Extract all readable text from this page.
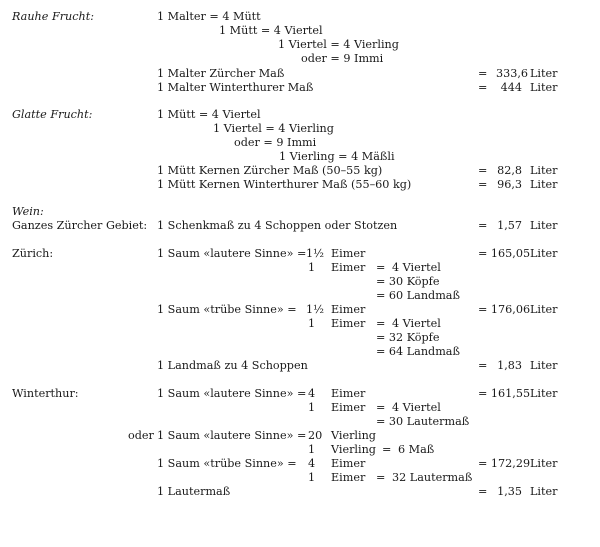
Rauhe Frucht:	1 Malter = 4 Mütt
1 Mütt = 4 Viertel
1 Viertel = 4 Vierling
oder = 9 Immi
1 Malter Zürcher Maß	= 333,6 Liter
1 Malter Winterthurer Maß	=	444 Liter
Glatte Frucht:	1 Mütt = 4 Viertel
1 Viertel = 4 Vierling
oder = 9 Immi
1 Vierling = 4 Mäßli
1 Mütt Kernen Zürcher Maß (50–55 kg)	= 82,8 Liter
1 Mütt Kernen Winterthurer Maß (55–60 kg)	= 96,3 Liter
Wein:
Ganzes Zürcher Gebiet: 1 Schenkmaß zu 4 Schoppen oder Stotzen	= 1,57 Liter
Zürich:	1 Saum «lautere Sinne» = 1½ Eimer	= 165,05 Liter
1 Eimer = 4 Viertel
= 30 Köpfe
= 60 Landmaß
1 Saum «trübe Sinne» = 1½ Eimer	= 176,06 Liter
1 Eimer = 4 Viertel
= 32 Köpfe
= 64 Landmaß
1 Landmaß zu 4 Schoppen	= 1,83 Liter
Winterthur:	1 Saum «lautere Sinne» = 4 Eimer	= 161,55 Liter
1 Eimer = 4 Viertel
= 30 Lautermaß
oder 1 Saum «lautere Sinne» = 20 Vierling
1 Vierling = 6 Maß
1 Saum «trübe Sinne» = 4 Eimer	= 172,29 Liter
1 Eimer = 32 Lautermaß
1 Lautermaß	= 1,35 Liter
